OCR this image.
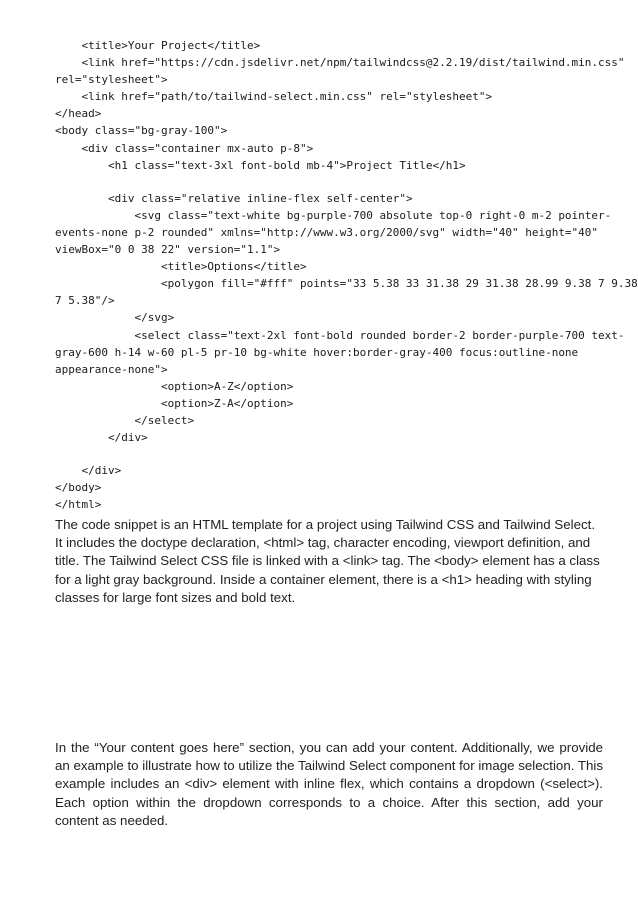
<title>Your Project</title>
<link href="https://cdn.jsdelivr.net/npm/tailwindcss@2.2.19/dist/tailwind.min.css"
rel="stylesheet">
<link href="path/to/tailwind-select.min.css" rel="stylesheet">
</head>
<body class="bg-gray-100">
<div class="container mx-auto p-8">
<h1 class="text-3xl font-bold mb-4">Project Title</h1>
<div class="relative inline-flex self-center">
<svg class="text-white bg-purple-700 absolute top-0 right-0 m-2 pointer-
events-none p-2 rounded" xmlns="http://www.w3.org/2000/svg" width="40" height="40"
viewBox="0 0 38 22" version="1.1">
<title>Options</title>
<polygon fill="#fff" points="33 5.38 33 31.38 29 31.38 28.99 9.38 7 9.38
7 5.38"/>
</svg>
<select class="text-2xl font-bold rounded border-2 border-purple-700 text-
gray-600 h-14 w-60 pl-5 pr-10 bg-white hover:border-gray-400 focus:outline-none
appearance-none">
<option>A-Z</option>
<option>Z-A</option>
</select>
</div>
</div>
</body>
</html>

The code snippet is an HTML template for a project using Tailwind CSS and Tailwind Select. It includes the doctype declaration, <html> tag, character encoding, viewport definition, and title. The Tailwind Select CSS file is linked with a <link> tag. The <body> element has a class for a light gray background. Inside a container element, there is a <h1> heading with styling classes for large font sizes and bold text.

In the “Your content goes here” section, you can add your content. Additionally, we provide an example to illustrate how to utilize the Tailwind Select component for image selection. This example includes an <div> element with inline flex, which contains a dropdown (<select>). Each option within the dropdown corresponds to a choice. After this section, add your content as needed.
